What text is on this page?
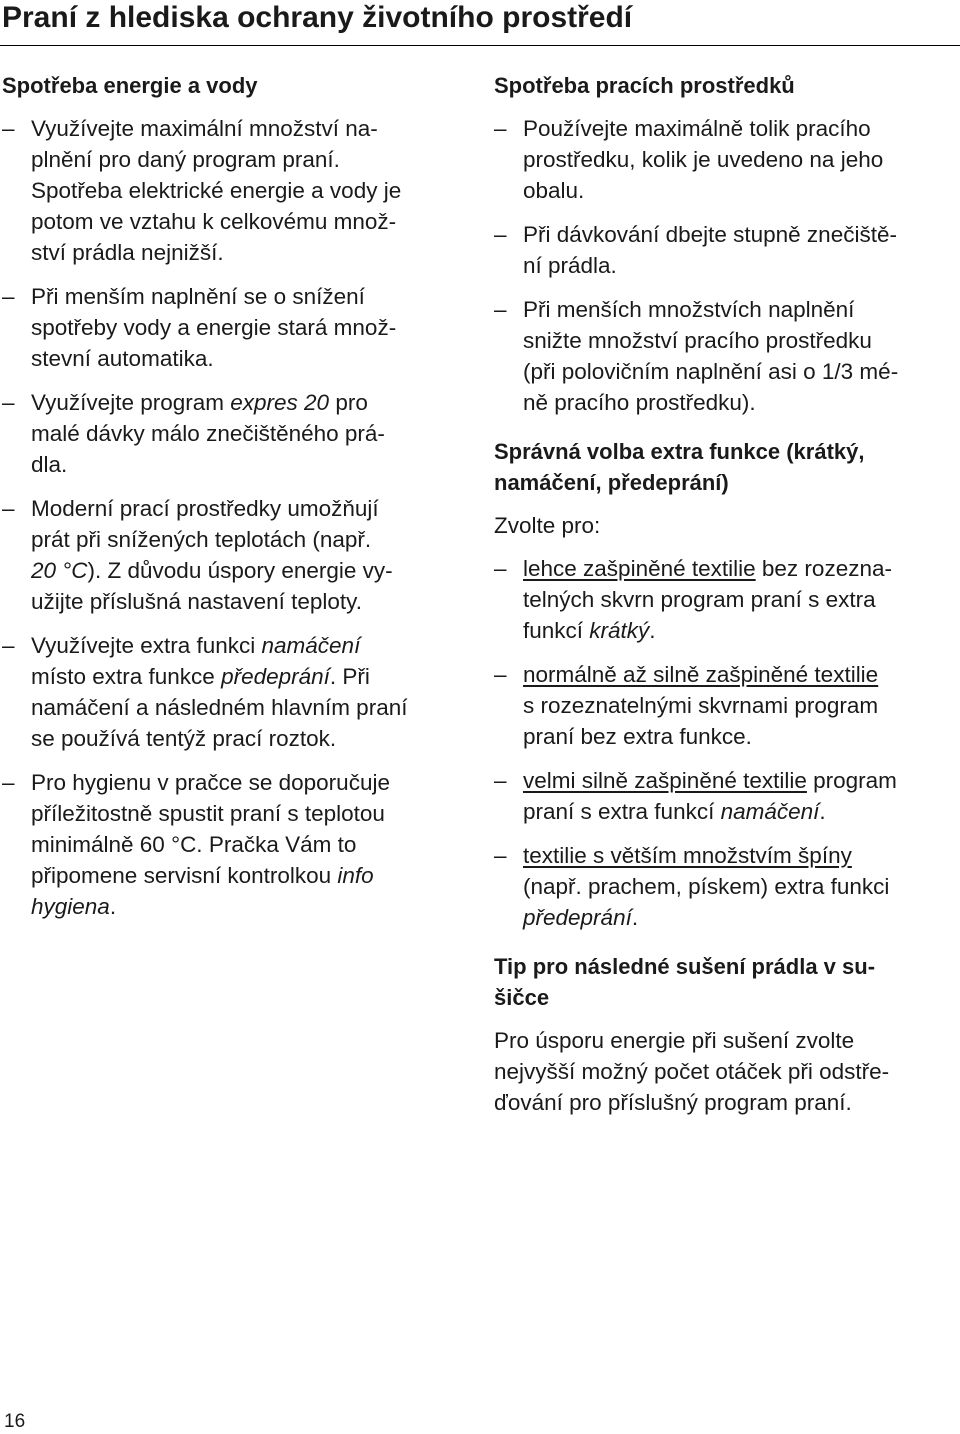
Praní z hlediska ochrany životního prostředí
Spotřeba energie a vody
– Využívejte maximální množství na-
plnění pro daný program praní.
Spotřeba elektrické energie a vody je
potom ve vztahu k celkovému množ-
ství prádla nejnižší.
– Při menším naplnění se o snížení
spotřeby vody a energie stará množ-
stevní automatika.
– Využívejte program expres 20 pro
malé dávky málo znečištěného prá-
dla.
– Moderní prací prostředky umožňují
prát při snížených teplotách (např.
20 °C). Z důvodu úspory energie vy-
užijte příslušná nastavení teploty.
– Využívejte extra funkci namáčení
místo extra funkce předeprání. Při
namáčení a následném hlavním praní
se používá tentýž prací roztok.
– Pro hygienu v pračce se doporučuje
příležitostně spustit praní s teplotou
minimálně 60 °C. Pračka Vám to
připomene servisní kontrolkou info
hygiena.
Spotřeba pracích prostředků
– Používejte maximálně tolik pracího
prostředku, kolik je uvedeno na jeho
obalu.
– Při dávkování dbejte stupně znečiště-
ní prádla.
– Při menších množstvích naplnění
snižte množství pracího prostředku
(při polovičním naplnění asi o 1/3 mé-
ně pracího prostředku).
Správná volba extra funkce (krátký,
namáčení, předeprání)

Zvolte pro:

– lehce zašpiněné textilie bez rozezna-
telných skvrn program praní s extra
funkcí krátký.
– normálně až silně zašpiněné textilie
s rozeznatelnými skvrnami program
praní bez extra funkce.
– velmi silně zašpiněné textilie program
praní s extra funkcí namáčení.
– textilie s větším množstvím špíny
(např. prachem, pískem) extra funkci
předeprání.
Tip pro následné sušení prádla v su-
šičce

Pro úsporu energie při sušení zvolte
nejvyšší možný počet otáček při odstře-
ďování pro příslušný program praní.

16
